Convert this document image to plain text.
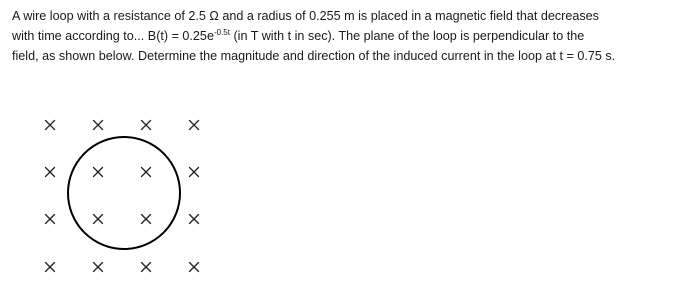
A wire loop with a resistance of 2.5 Ω and a radius of 0.255 m is placed in a magnetic field that decreases
with time according to... $B(t) = 0.25e^{-0.5t}$ (in T with t in sec). The plane of the loop is perpendicular to the
field, as shown below. Determine the magnitude and direction of the induced current in the loop at t = 0.75 s.
